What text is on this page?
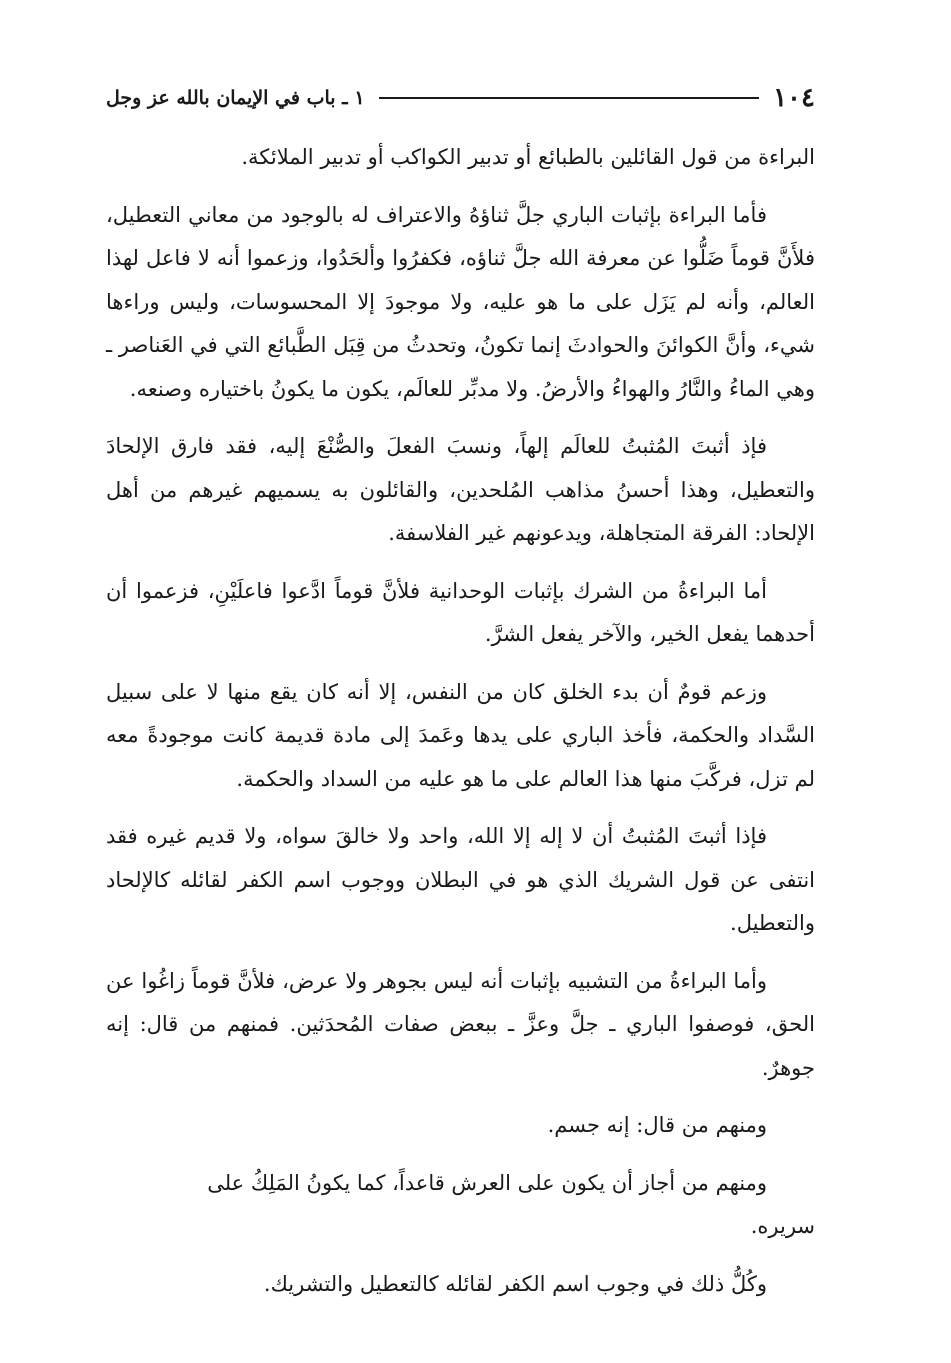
١٠٤
١ ـ باب في الإيمان بالله عز وجل

البراءة من قول القائلين بالطبائع أو تدبير الكواكب أو تدبير الملائكة.

فأما البراءة بإثبات الباري جلَّ ثناؤهُ والاعتراف له بالوجود من معاني التعطيل، فلأَنَّ قوماً ضَلُّوا عن معرفة الله جلَّ ثناؤه، فكفرُوا وألحَدُوا، وزعموا أنه لا فاعل لهذا العالم، وأنه لم يَزَل على ما هو عليه، ولا موجودَ إلا المحسوسات، وليس وراءها شيء، وأنَّ الكوائنَ والحوادثَ إنما تكونُ، وتحدثُ من قِبَل الطَّبائع التي في العَناصر ـ وهي الماءُ والنَّارُ والهواءُ والأرضُ. ولا مدبِّر للعالَم، يكون ما يكونُ باختياره وصنعه.

فإذ أثبتَ المُثبتُ للعالَم إلهاً، ونسبَ الفعلَ والصُّنْعَ إليه، فقد فارق الإلحادَ والتعطيل، وهذا أحسنُ مذاهب المُلحدين، والقائلون به يسميهم غيرهم من أهل الإلحاد: الفرقة المتجاهلة، ويدعونهم غير الفلاسفة.

أما البراءةُ من الشرك بإثبات الوحدانية فلأنَّ قوماً ادَّعوا فاعلَيْنِ، فزعموا أن أحدهما يفعل الخير، والآخر يفعل الشرَّ.

وزعم قومٌ أن بدء الخلق كان من النفس، إلا أنه كان يقع منها لا على سبيل السَّداد والحكمة، فأخذ الباري على يدها وعَمدَ إلى مادة قديمة كانت موجودةً معه لم تزل، فركَّبَ منها هذا العالم على ما هو عليه من السداد والحكمة.

فإذا أثبتَ المُثبتُ أن لا إله إلا الله، واحد ولا خالقَ سواه، ولا قديم غيره فقد انتفى عن قول الشريك الذي هو في البطلان ووجوب اسم الكفر لقائله كالإلحاد والتعطيل.

وأما البراءةُ من التشبيه بإثبات أنه ليس بجوهر ولا عرض، فلأنَّ قوماً زاغُوا عن الحق، فوصفوا الباري ـ جلَّ وعزَّ ـ ببعض صفات المُحدَثين. فمنهم من قال: إنه جوهرٌ.

ومنهم من قال: إنه جسم.

ومنهم من أجاز أن يكون على العرش قاعداً، كما يكونُ المَلِكُ على

سريره.

وكُلُّ ذلك في وجوب اسم الكفر لقائله كالتعطيل والتشريك.
